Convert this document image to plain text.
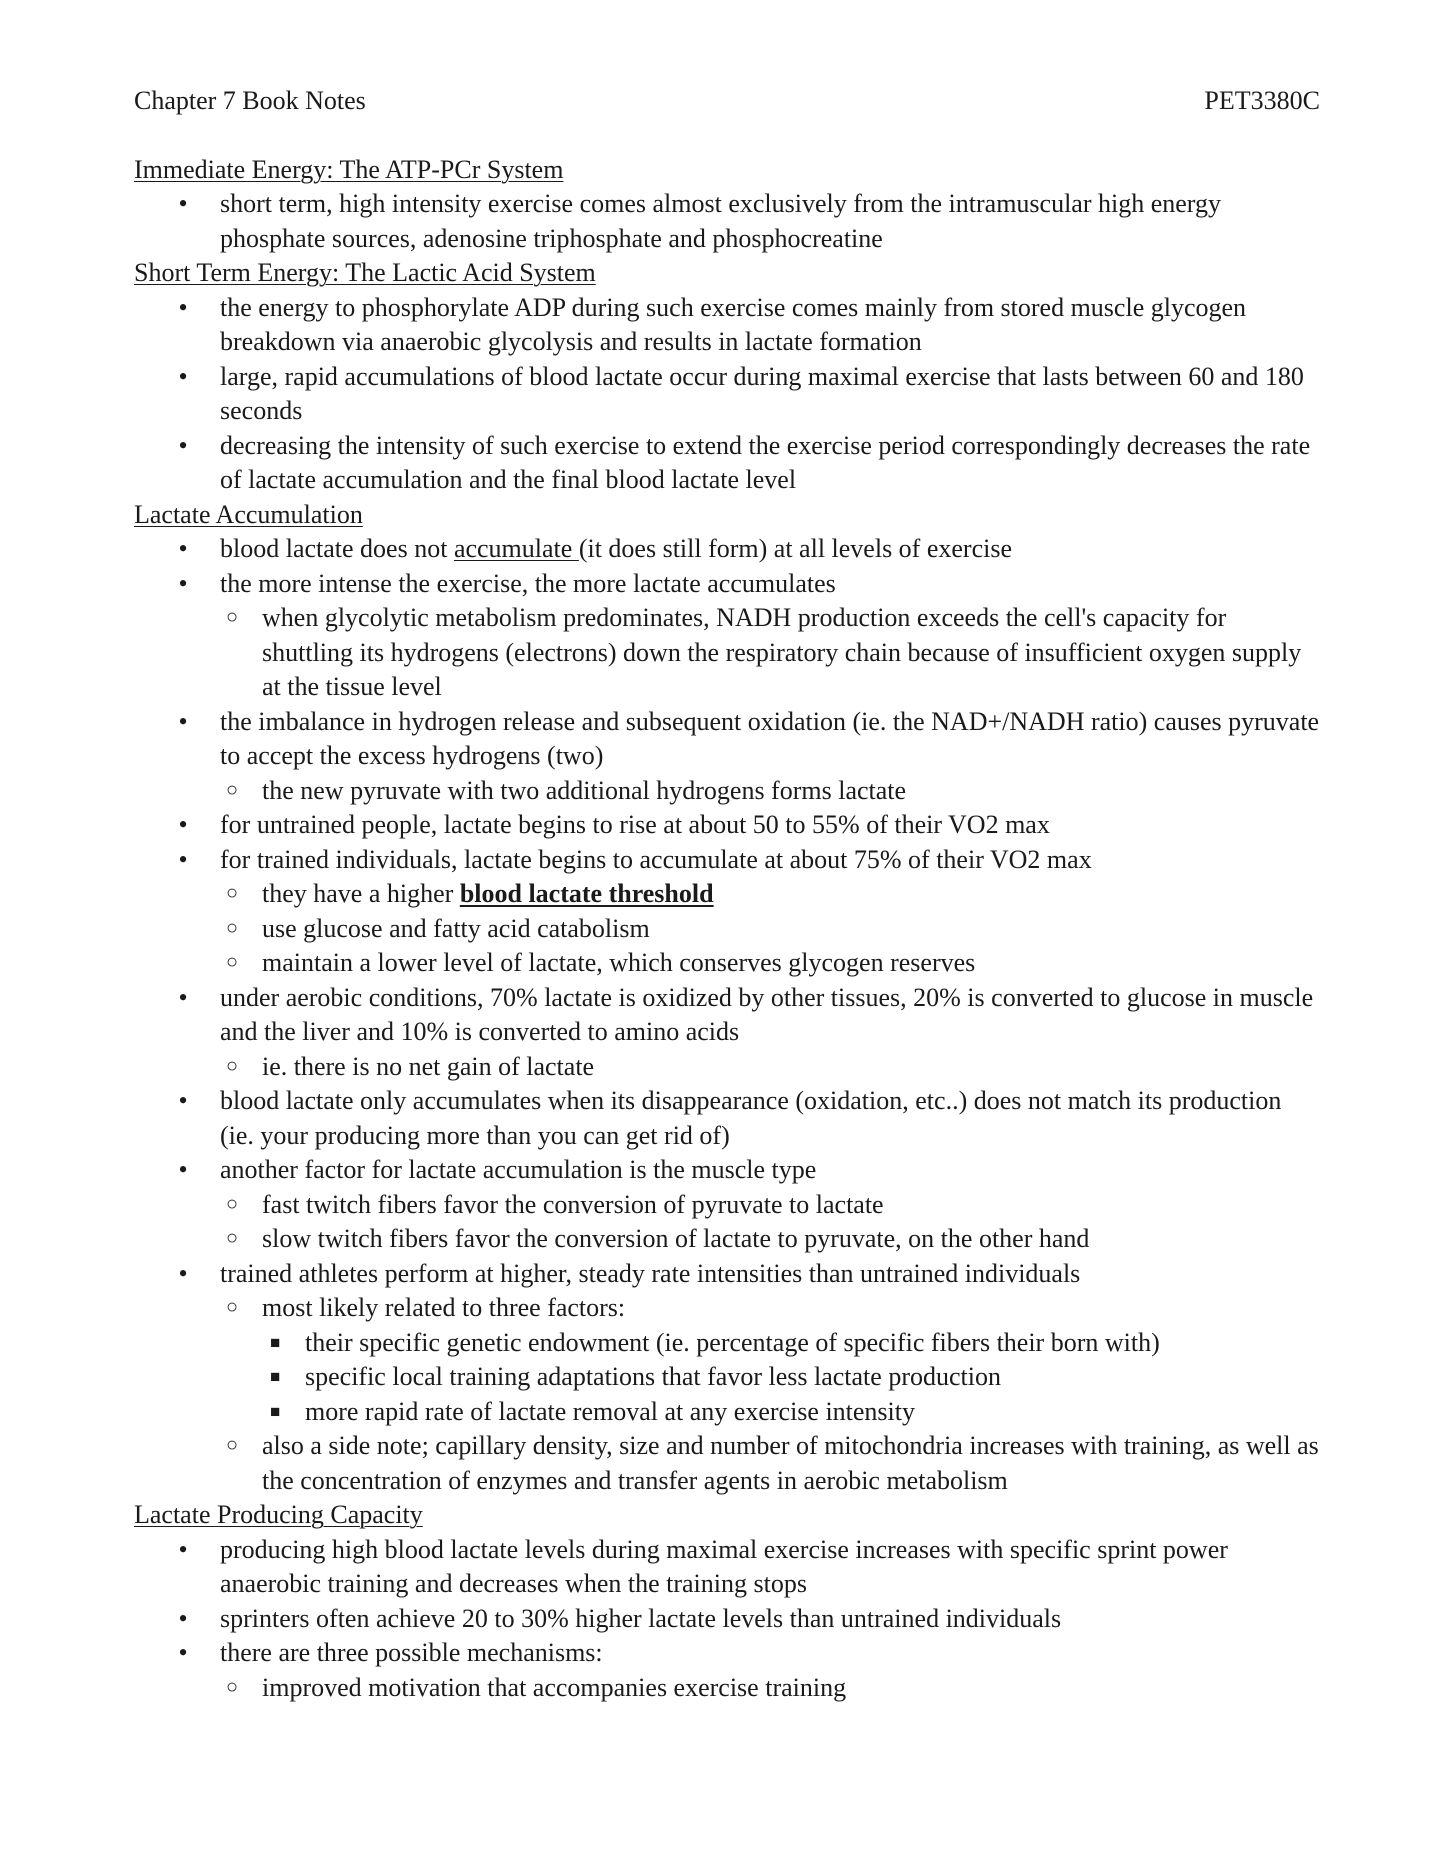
Chapter 7 Book Notes	PET3380C
Immediate Energy: The ATP-PCr System
• short term, high intensity exercise comes almost exclusively from the intramuscular high energy phosphate sources, adenosine triphosphate and phosphocreatine
Short Term Energy: The Lactic Acid System
• the energy to phosphorylate ADP during such exercise comes mainly from stored muscle glycogen breakdown via anaerobic glycolysis and results in lactate formation
• large, rapid accumulations of blood lactate occur during maximal exercise that lasts between 60 and 180 seconds
• decreasing the intensity of such exercise to extend the exercise period correspondingly decreases the rate of lactate accumulation and the final blood lactate level
Lactate Accumulation
• blood lactate does not accumulate (it does still form) at all levels of exercise
• the more intense the exercise, the more lactate accumulates
○ when glycolytic metabolism predominates, NADH production exceeds the cell's capacity for shuttling its hydrogens (electrons) down the respiratory chain because of insufficient oxygen supply at the tissue level
• the imbalance in hydrogen release and subsequent oxidation (ie. the NAD+/NADH ratio) causes pyruvate to accept the excess hydrogens (two)
○ the new pyruvate with two additional hydrogens forms lactate
• for untrained people, lactate begins to rise at about 50 to 55% of their VO2 max
• for trained individuals, lactate begins to accumulate at about 75% of their VO2 max
○ they have a higher blood lactate threshold
○ use glucose and fatty acid catabolism
○ maintain a lower level of lactate, which conserves glycogen reserves
• under aerobic conditions, 70% lactate is oxidized by other tissues, 20% is converted to glucose in muscle and the liver and 10% is converted to amino acids
○ ie. there is no net gain of lactate
• blood lactate only accumulates when its disappearance (oxidation, etc..) does not match its production (ie. your producing more than you can get rid of)
• another factor for lactate accumulation is the muscle type
○ fast twitch fibers favor the conversion of pyruvate to lactate
○ slow twitch fibers favor the conversion of lactate to pyruvate, on the other hand
• trained athletes perform at higher, steady rate intensities than untrained individuals
○ most likely related to three factors:
■ their specific genetic endowment (ie. percentage of specific fibers their born with)
■ specific local training adaptations that favor less lactate production
■ more rapid rate of lactate removal at any exercise intensity
○ also a side note; capillary density, size and number of mitochondria increases with training, as well as the concentration of enzymes and transfer agents in aerobic metabolism
Lactate Producing Capacity
• producing high blood lactate levels during maximal exercise increases with specific sprint power anaerobic training and decreases when the training stops
• sprinters often achieve 20 to 30% higher lactate levels than untrained individuals
• there are three possible mechanisms:
○ improved motivation that accompanies exercise training
